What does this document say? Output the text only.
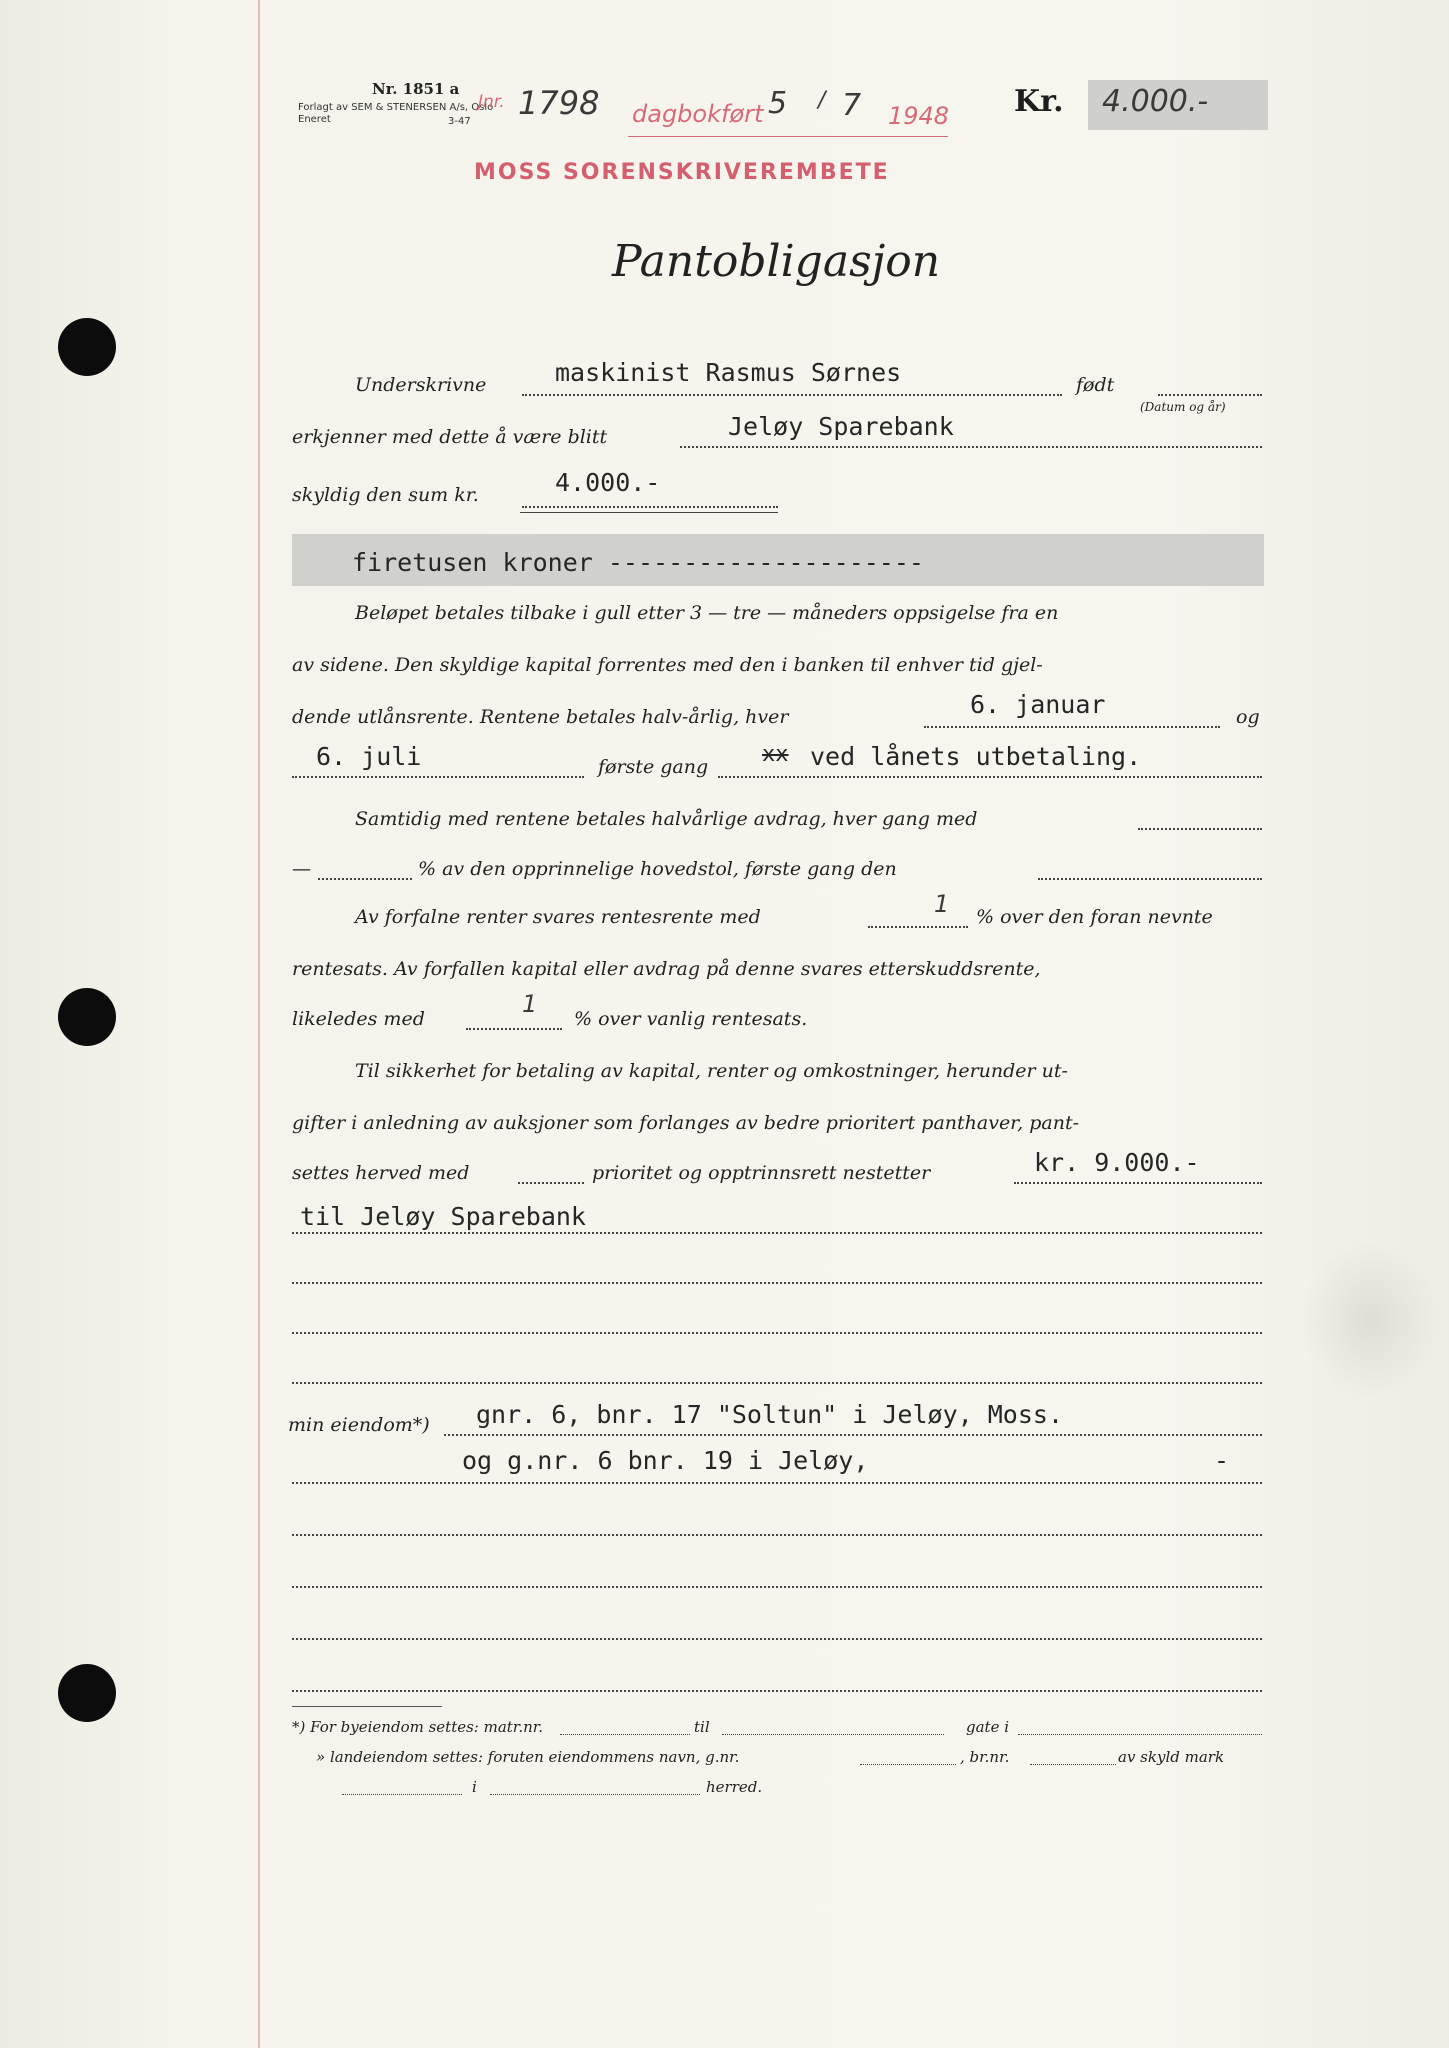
Nr. 1851 a
Forlagt av SEM & STENERSEN A/s, Oslo
Eneret	3-47
Jnr. 1798 dagbokført 5 / 7 1948
MOSS SORENSKRIVEREMBETE
Kr.	4.000.-
Pantobligasjon
Underskrivne	maskinist Rasmus Sørnes	født
(Datum og år)
erkjenner med dette å være blitt	Jeløy Sparebank
skyldig den sum kr.	4.000.-
firetusen kroner ---------------------
Beløpet betales tilbake i gull etter 3 — tre — måneders oppsigelse fra en
av sidene. Den skyldige kapital forrentes med den i banken til enhver tid gjel-
dende utlånsrente. Rentene betales halv-årlig, hver	6. januar	og
6. juli	første gang xx ved lånets utbetaling.
Samtidig med rentene betales halvårlige avdrag, hver gang med
—	% av den opprinnelige hovedstol, første gang den
Av forfalne renter svares rentesrente med	1 % over den foran nevnte
rentesats. Av forfallen kapital eller avdrag på denne svares etterskuddsrente,
likeledes med
1
% over vanlig rentesats.
Til sikkerhet for betaling av kapital, renter og omkostninger, herunder ut-
gifter i anledning av auksjoner som forlanges av bedre prioritert panthaver, pant-
settes herved med	prioritet og opptrinnsrett nestetter	kr. 9.000.-
til Jeløy Sparebank
min eiendom*) gnr. 6, bnr. 17 "Soltun" i Jeløy, Moss.
og g.nr. 6 bnr. 19 i Jeløy,	-
*) For byeiendom settes: matr.nr.	til	gate i
» landeiendom settes: foruten eiendommens navn, g.nr.	, br.nr.	av skyld mark
i	herred.
